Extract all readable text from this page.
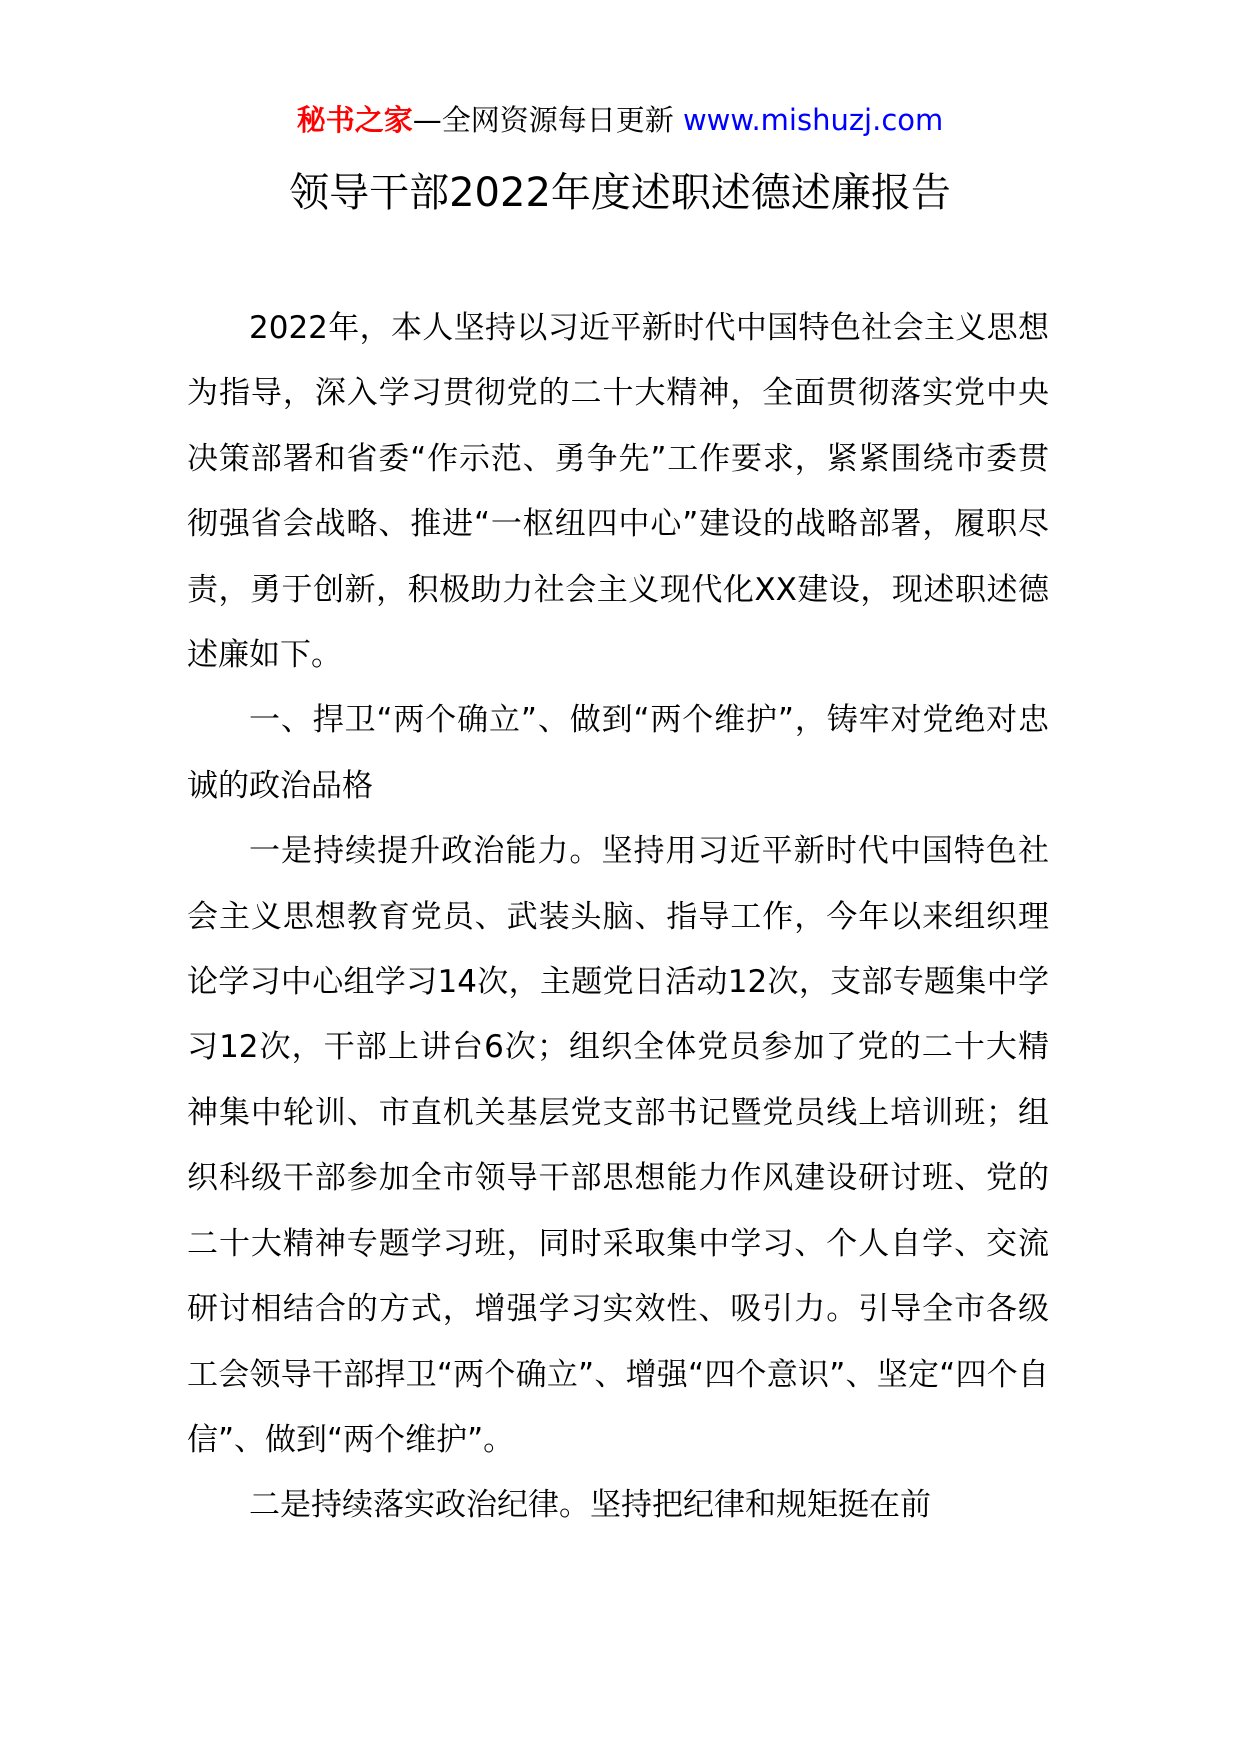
秘书之家—全网资源每日更新 www.mishuzj.com
领导干部2022年度述职述德述廉报告

2022年，本人坚持以习近平新时代中国特色社会主义思想为指导，深入学习贯彻党的二十大精神，全面贯彻落实党中央决策部署和省委“作示范、勇争先”工作要求，紧紧围绕市委贯彻强省会战略、推进“一枢纽四中心”建设的战略部署，履职尽责，勇于创新，积极助力社会主义现代化XX建设，现述职述德述廉如下。

一、捍卫“两个确立”、做到“两个维护”，铸牢对党绝对忠诚的政治品格

一是持续提升政治能力。坚持用习近平新时代中国特色社会主义思想教育党员、武装头脑、指导工作，今年以来组织理论学习中心组学习14次，主题党日活动12次，支部专题集中学习12次，干部上讲台6次；组织全体党员参加了党的二十大精神集中轮训、市直机关基层党支部书记暨党员线上培训班；组织科级干部参加全市领导干部思想能力作风建设研讨班、党的二十大精神专题学习班，同时采取集中学习、个人自学、交流研讨相结合的方式，增强学习实效性、吸引力。引导全市各级工会领导干部捍卫“两个确立”、增强“四个意识”、坚定“四个自信”、做到“两个维护”。

二是持续落实政治纪律。坚持把纪律和规矩挺在前
